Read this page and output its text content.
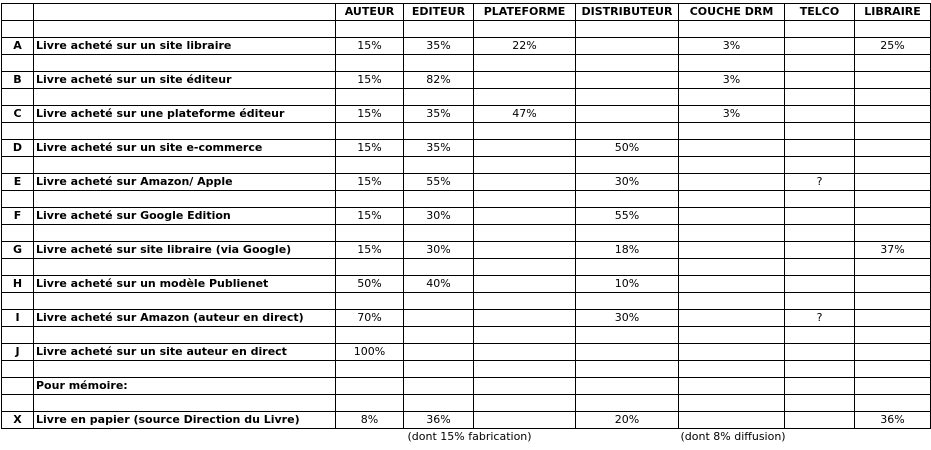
		AUTEUR	EDITEUR	PLATEFORME	DISTRIBUTEUR	COUCHE DRM	TELCO	LIBRAIRE

A	Livre acheté sur un site libraire	15%	35%	22%		3%		25%

B	Livre acheté sur un site éditeur	15%	82%			3%		

C	Livre acheté sur une plateforme éditeur	15%	35%	47%		3%		

D	Livre acheté sur un site e-commerce	15%	35%		50%			

E	Livre acheté sur Amazon/ Apple	15%	55%		30%		?	

F	Livre acheté sur Google Edition	15%	30%		55%			

G	Livre acheté sur site libraire (via Google)	15%	30%		18%			37%

H	Livre acheté sur un modèle Publienet	50%	40%		10%			

I	Livre acheté sur Amazon (auteur en direct)	70%			30%		?	

J	Livre acheté sur un site auteur en direct	100%						

	Pour mémoire:							

X	Livre en papier (source Direction du Livre)	8%	36%		20%			36%
			(dont 15% fabrication)			(dont 8% diffusion)		
